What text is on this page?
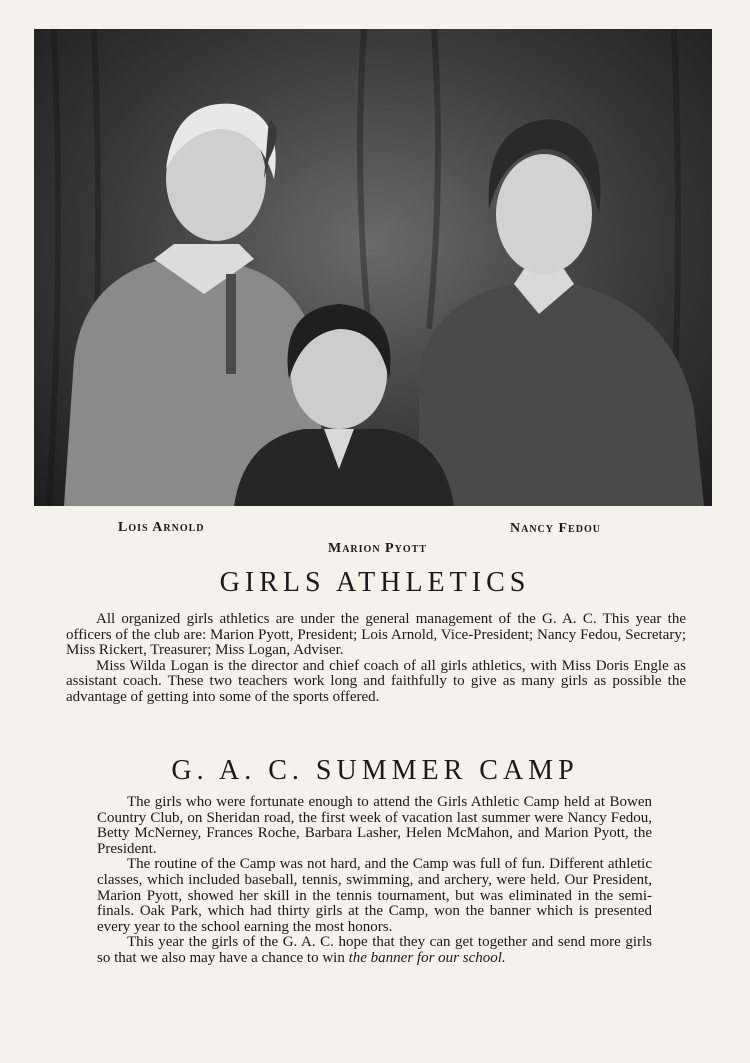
Lois Arnold
Marion Pyott
Nancy Fedou
GIRLS ATHLETICS

All organized girls athletics are under the general management of the G. A. C. This year the officers of the club are: Marion Pyott, President; Lois Arnold, Vice-President; Nancy Fedou, Secretary; Miss Rickert, Treasurer; Miss Logan, Adviser.

Miss Wilda Logan is the director and chief coach of all girls athletics, with Miss Doris Engle as assistant coach. These two teachers work long and faithfully to give as many girls as possible the advantage of getting into some of the sports offered.

G. A. C. SUMMER CAMP

The girls who were fortunate enough to attend the Girls Athletic Camp held at Bowen Country Club, on Sheridan road, the first week of vacation last summer were Nancy Fedou, Betty McNerney, Frances Roche, Barbara Lasher, Helen McMahon, and Marion Pyott, the President.

The routine of the Camp was not hard, and the Camp was full of fun. Different athletic classes, which included baseball, tennis, swimming, and archery, were held. Our President, Marion Pyott, showed her skill in the tennis tournament, but was eliminated in the semi-finals. Oak Park, which had thirty girls at the Camp, won the banner which is presented every year to the school earning the most honors.

This year the girls of the G. A. C. hope that they can get together and send more girls so that we also may have a chance to win the banner for our school.
